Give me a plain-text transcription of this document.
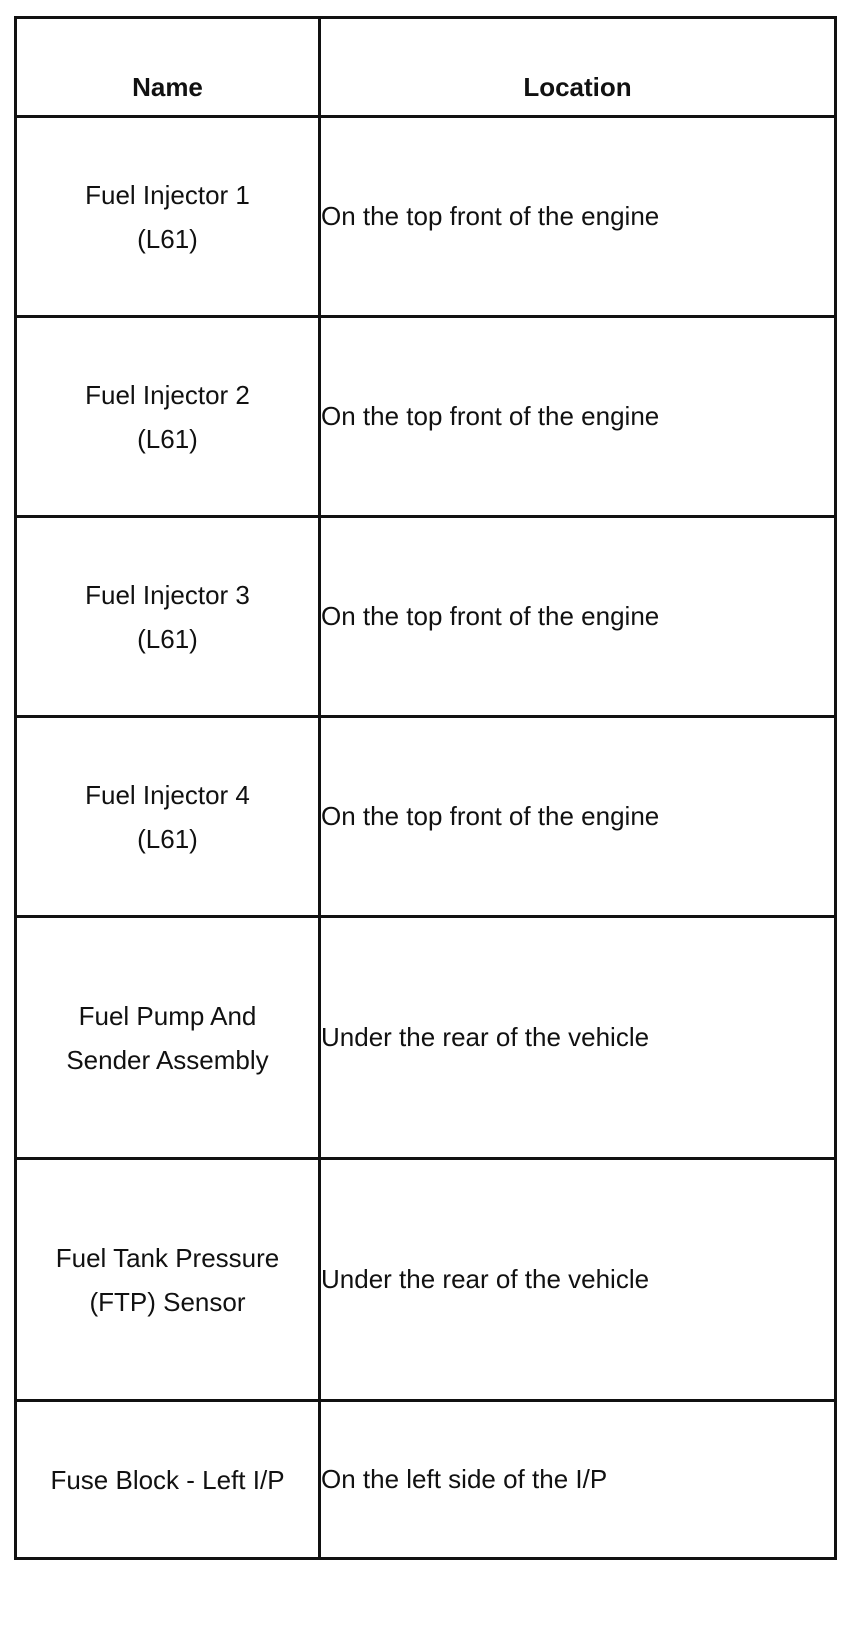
Name	Location

Fuel Injector 1
(L61)	On the top front of the engine

Fuel Injector 2
(L61)	On the top front of the engine

Fuel Injector 3
(L61)	On the top front of the engine

Fuel Injector 4
(L61)	On the top front of the engine

Fuel Pump And
Sender Assembly	Under the rear of the vehicle

Fuel Tank Pressure
(FTP) Sensor	Under the rear of the vehicle

Fuse Block - Left I/P	On the left side of the I/P
